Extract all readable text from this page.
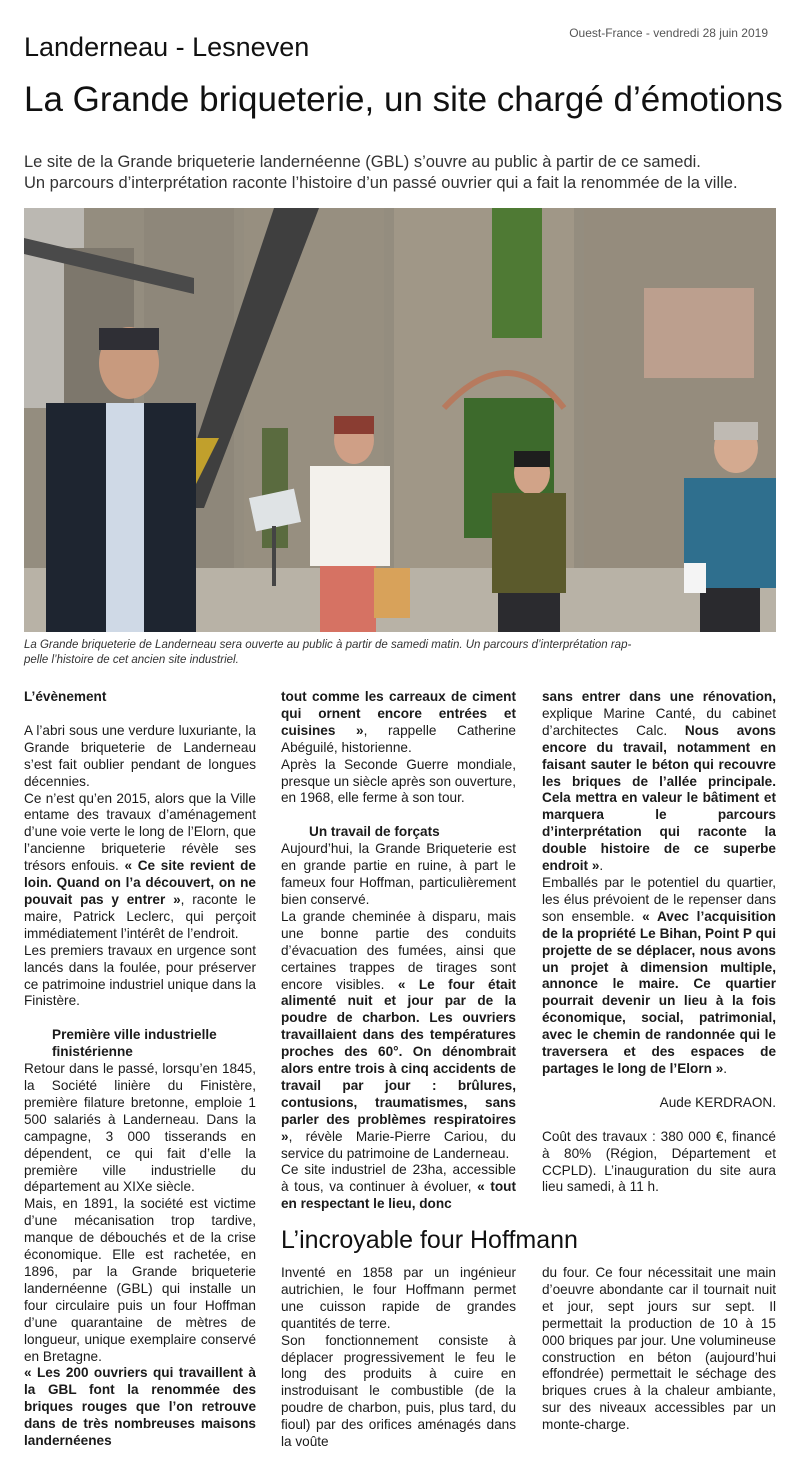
Ouest-France - vendredi 28 juin 2019
Landerneau - Lesneven
La Grande briqueterie, un site chargé d’émotions

Le site de la Grande briqueterie landernéenne (GBL) s’ouvre au public à partir de ce samedi.
Un parcours d’interprétation raconte l’histoire d’un passé ouvrier qui a fait la renommée de la ville.

La Grande briqueterie de Landerneau sera ouverte au public à partir de samedi matin. Un parcours d’interprétation rap-
pelle l’histoire de cet ancien site industriel.

L’évènement

A l’abri sous une verdure luxuriante, la Grande briqueterie de Landerneau s’est fait oublier pendant de longues décennies.

Ce n’est qu’en 2015, alors que la Ville entame des travaux d’aménagement d’une voie verte le long de l’Elorn, que l’ancienne briqueterie révèle ses trésors enfouis. « Ce site revient de loin. Quand on l’a découvert, on ne pouvait pas y entrer », raconte le maire, Patrick Leclerc, qui perçoit immédiatement l’intérêt de l’endroit.

Les premiers travaux en urgence sont lancés dans la foulée, pour préserver ce patrimoine industriel unique dans la Finistère.

Première ville industrielle
finistérienne

Retour dans le passé, lorsqu’en 1845, la Société linière du Finistère, première filature bretonne, emploie 1 500 salariés à Landerneau. Dans la campagne, 3 000 tisserands en dépendent, ce qui fait d’elle la première ville industrielle du département au XIXe siècle.

Mais, en 1891, la société est victime d’une mécanisation trop tardive, manque de débouchés et de la crise économique. Elle est rachetée, en 1896, par la Grande briqueterie landernéenne (GBL) qui installe un four circulaire puis un four Hoffman d’une quarantaine de mètres de longueur, unique exemplaire conservé en Bretagne.

« Les 200 ouvriers qui travaillent à la GBL font la renommée des briques rouges que l’on retrouve dans de très nombreuses maisons landernéenes

tout comme les carreaux de ciment qui ornent encore entrées et cuisines », rappelle Catherine Abéguilé, historienne.

Après la Seconde Guerre mondiale, presque un siècle après son ouverture, en 1968, elle ferme à son tour.

Un travail de forçats

Aujourd’hui, la Grande Briqueterie est en grande partie en ruine, à part le fameux four Hoffman, particulièrement bien conservé.

La grande cheminée à disparu, mais une bonne partie des conduits d’évacuation des fumées, ainsi que certaines trappes de tirages sont encore visibles. « Le four était alimenté nuit et jour par de la poudre de charbon. Les ouvriers travaillaient dans des températures proches des 60°. On dénombrait alors entre trois à cinq accidents de travail par jour : brûlures, contusions, traumatismes, sans parler des problèmes respiratoires », révèle Marie-Pierre Cariou, du service du patrimoine de Landerneau.

Ce site industriel de 23ha, accessible à tous, va continuer à évoluer, « tout en respectant le lieu, donc

sans entrer dans une rénovation, explique Marine Canté, du cabinet d’architectes Calc. Nous avons encore du travail, notamment en faisant sauter le béton qui recouvre les briques de l’allée principale. Cela mettra en valeur le bâtiment et marquera le parcours d’interprétation qui raconte la double histoire de ce superbe endroit ».

Emballés par le potentiel du quartier, les élus prévoient de le repenser dans son ensemble. « Avec l’acquisition de la propriété Le Bihan, Point P qui projette de se déplacer, nous avons un projet à dimension multiple, annonce le maire. Ce quartier pourrait devenir un lieu à la fois économique, social, patrimonial, avec le chemin de randonnée qui le traversera et des espaces de partages le long de l’Elorn ».

Aude KERDRAON.

Coût des travaux : 380 000 €, financé à 80% (Région, Département et CCPLD). L’inauguration du site aura lieu samedi, à 11 h.

L’incroyable four Hoffmann

Inventé en 1858 par un ingénieur autrichien, le four Hoffmann permet une cuisson rapide de grandes quantités de terre.

Son fonctionnement consiste à déplacer progressivement le feu le long des produits à cuire en instroduisant le combustible (de la poudre de charbon, puis, plus tard, du fioul) par des orifices aménagés dans la voûte

du four. Ce four nécessitait une main d’oeuvre abondante car il tournait nuit et jour, sept jours sur sept. Il permettait la production de 10 à 15 000 briques par jour. Une volumineuse construction en béton (aujourd’hui effondrée) permettait le séchage des briques crues à la chaleur ambiante, sur des niveaux accessibles par un monte-charge.
